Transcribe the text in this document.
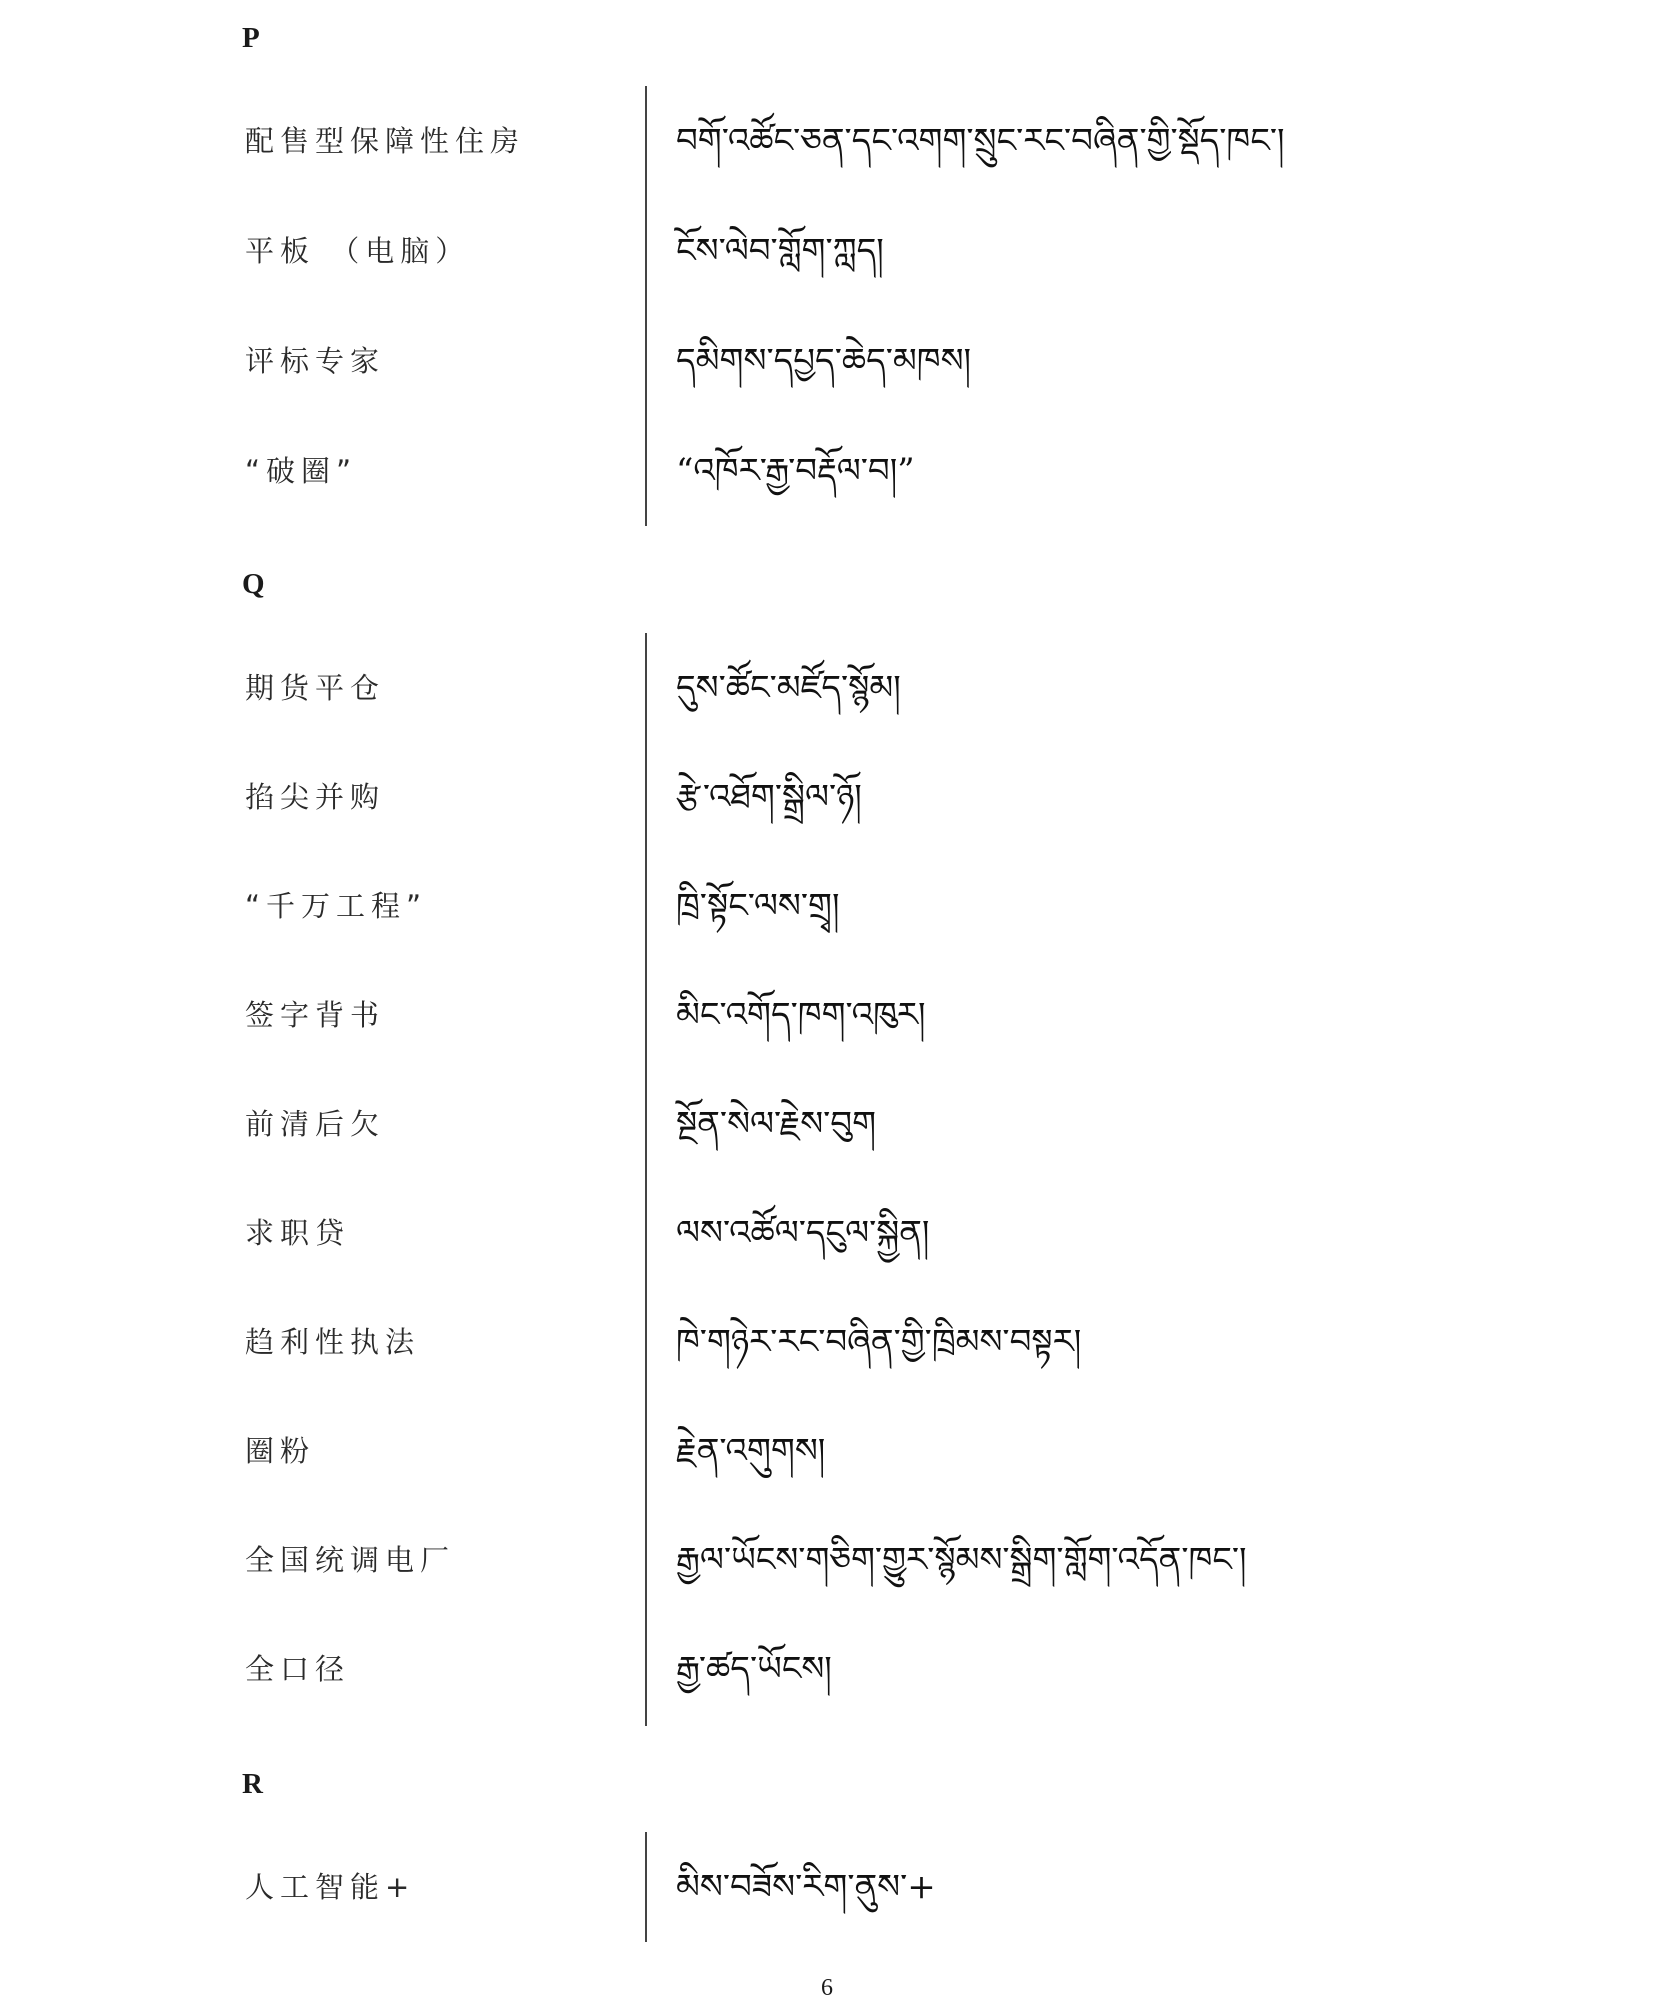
P
配售型保障性住房	བགོ་འཚོང་ཅན་དང་འགག་སྲུང་རང་བཞིན་གྱི་སྡོད་ཁང་།
平板 （电脑）	ངོས་ལེབ་གློག་ཀླད།
评标专家	དམིགས་དཔྱད་ཆེད་མཁས།
“破圈”	“འཁོར་རྒྱ་བརྡོལ་བ།”
Q
期货平仓	དུས་ཚོང་མཛོད་སྙོམ།
掐尖并购	རྩེ་འཐོག་སྒྲིལ་ཉོ།
“千万工程”	ཁྲི་སྟོང་ལས་གྲྭ།
签字背书	མིང་འགོད་ཁག་འཁུར།
前清后欠	སྔོན་སེལ་རྗེས་བུག
求职贷	ལས་འཚོལ་དངུལ་སྐྱིན།
趋利性执法	ཁེ་གཉེར་རང་བཞིན་གྱི་ཁྲིམས་བསྟར།
圈粉	རྗེན་འགུགས།
全国统调电厂	རྒྱལ་ཡོངས་གཅིག་གྱུར་སྙོམས་སྒྲིག་གློག་འདོན་ཁང་།
全口径	རྒྱ་ཚད་ཡོངས།
R
人工智能+	མིས་བཟོས་རིག་ནུས་+
6
